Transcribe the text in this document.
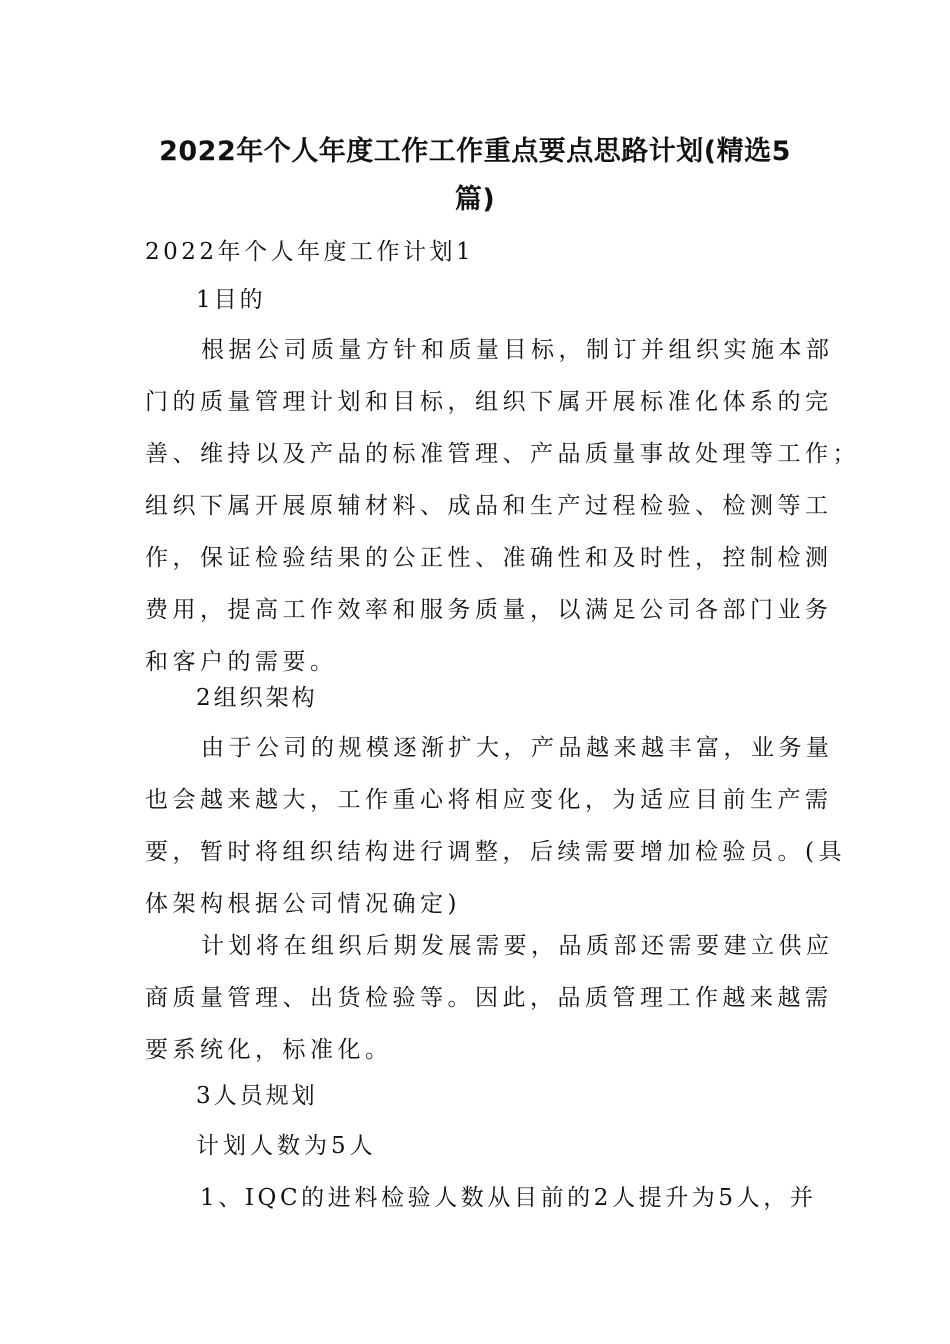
2022年个人年度工作工作重点要点思路计划(精选5
篇)

2022年个人年度工作计划1

1目的

根据公司质量方针和质量目标，制订并组织实施本部
门的质量管理计划和目标，组织下属开展标准化体系的完
善、维持以及产品的标准管理、产品质量事故处理等工作；
组织下属开展原辅材料、成品和生产过程检验、检测等工
作，保证检验结果的公正性、准确性和及时性，控制检测
费用，提高工作效率和服务质量，以满足公司各部门业务
和客户的需要。

2组织架构

由于公司的规模逐渐扩大，产品越来越丰富，业务量
也会越来越大，工作重心将相应变化，为适应目前生产需
要，暂时将组织结构进行调整，后续需要增加检验员。(具
体架构根据公司情况确定)
计划将在组织后期发展需要，品质部还需要建立供应
商质量管理、出货检验等。因此，品质管理工作越来越需
要系统化，标准化。

3人员规划

计划人数为5人

1、IQC的进料检验人数从目前的2人提升为5人，并
